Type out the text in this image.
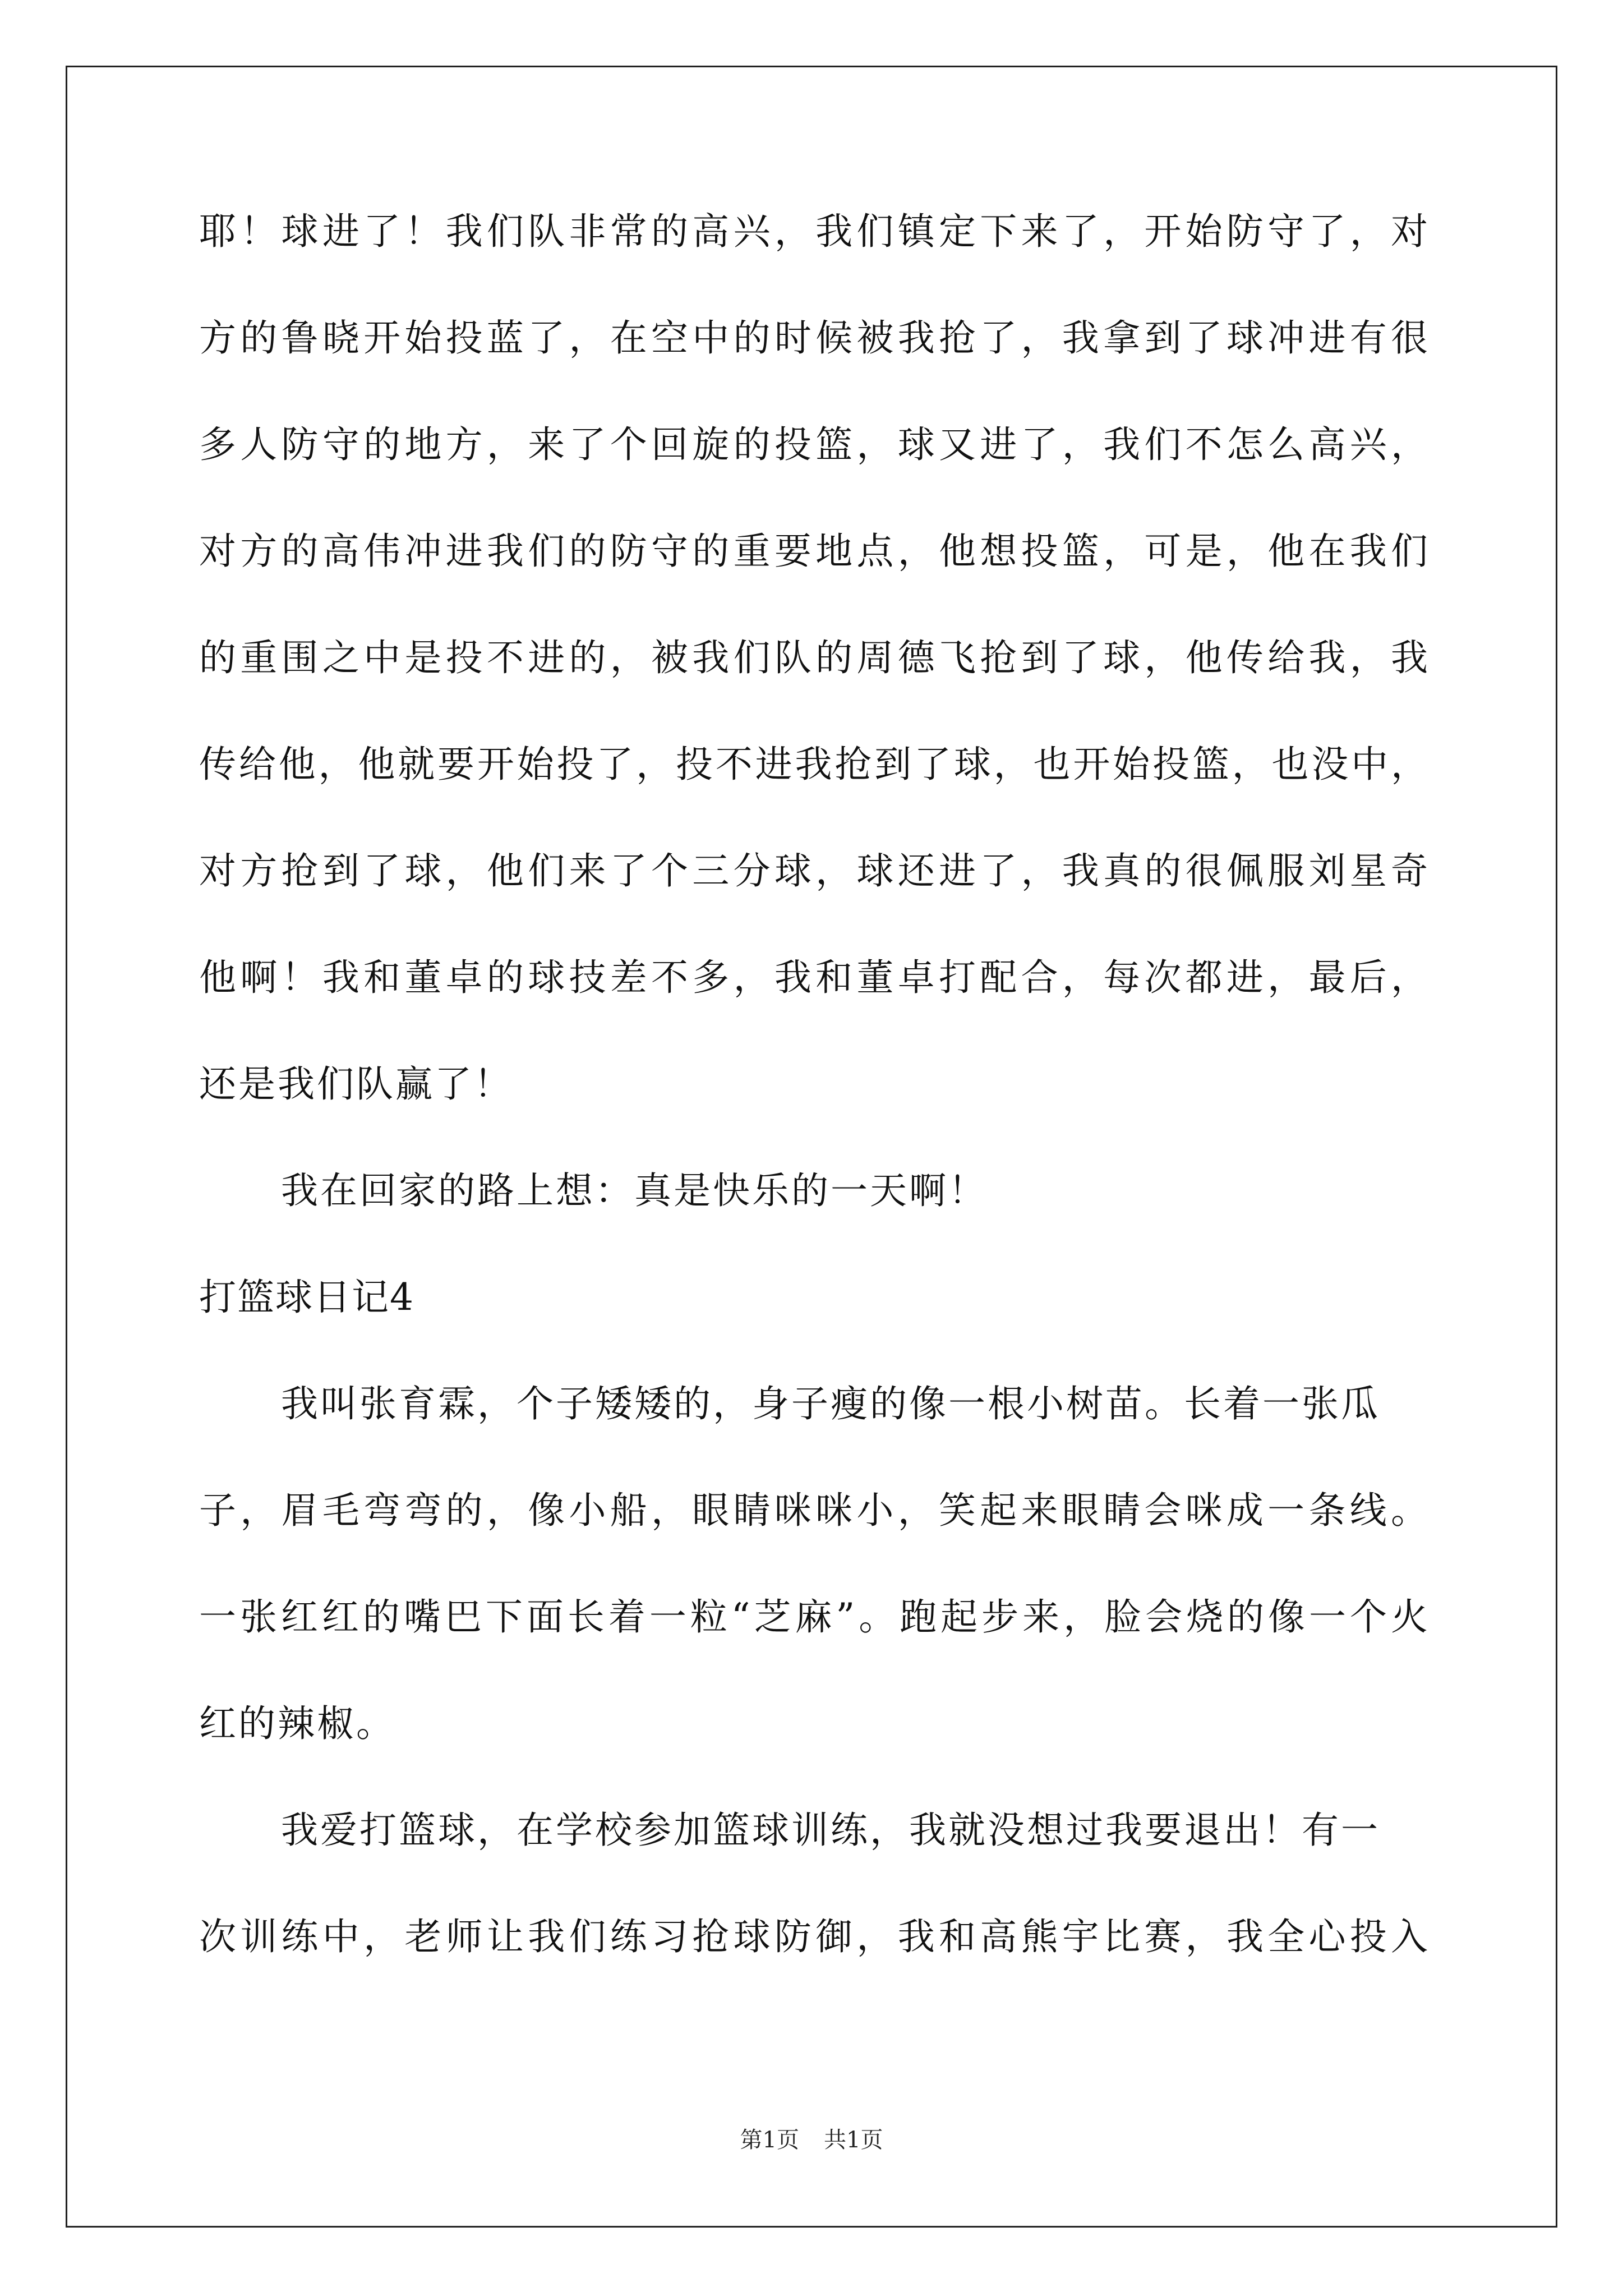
耶！球进了！我们队非常的高兴，我们镇定下来了，开始防守了，对
方的鲁晓开始投蓝了，在空中的时候被我抢了，我拿到了球冲进有很
多人防守的地方，来了个回旋的投篮，球又进了，我们不怎么高兴，
对方的高伟冲进我们的防守的重要地点，他想投篮，可是，他在我们
的重围之中是投不进的，被我们队的周德飞抢到了球，他传给我，我
传给他，他就要开始投了，投不进我抢到了球，也开始投篮，也没中，
对方抢到了球，他们来了个三分球，球还进了，我真的很佩服刘星奇
他啊！我和董卓的球技差不多，我和董卓打配合，每次都进，最后，
还是我们队赢了！
我在回家的路上想：真是快乐的一天啊！
打篮球日记4
我叫张育霖，个子矮矮的，身子瘦的像一根小树苗。长着一张瓜
子，眉毛弯弯的，像小船，眼睛咪咪小，笑起来眼睛会咪成一条线。
一张红红的嘴巴下面长着一粒“芝麻”。跑起步来，脸会烧的像一个火
红的辣椒。
我爱打篮球，在学校参加篮球训练，我就没想过我要退出！有一
次训练中，老师让我们练习抢球防御，我和高熊宇比赛，我全心投入
第1页 共1页
